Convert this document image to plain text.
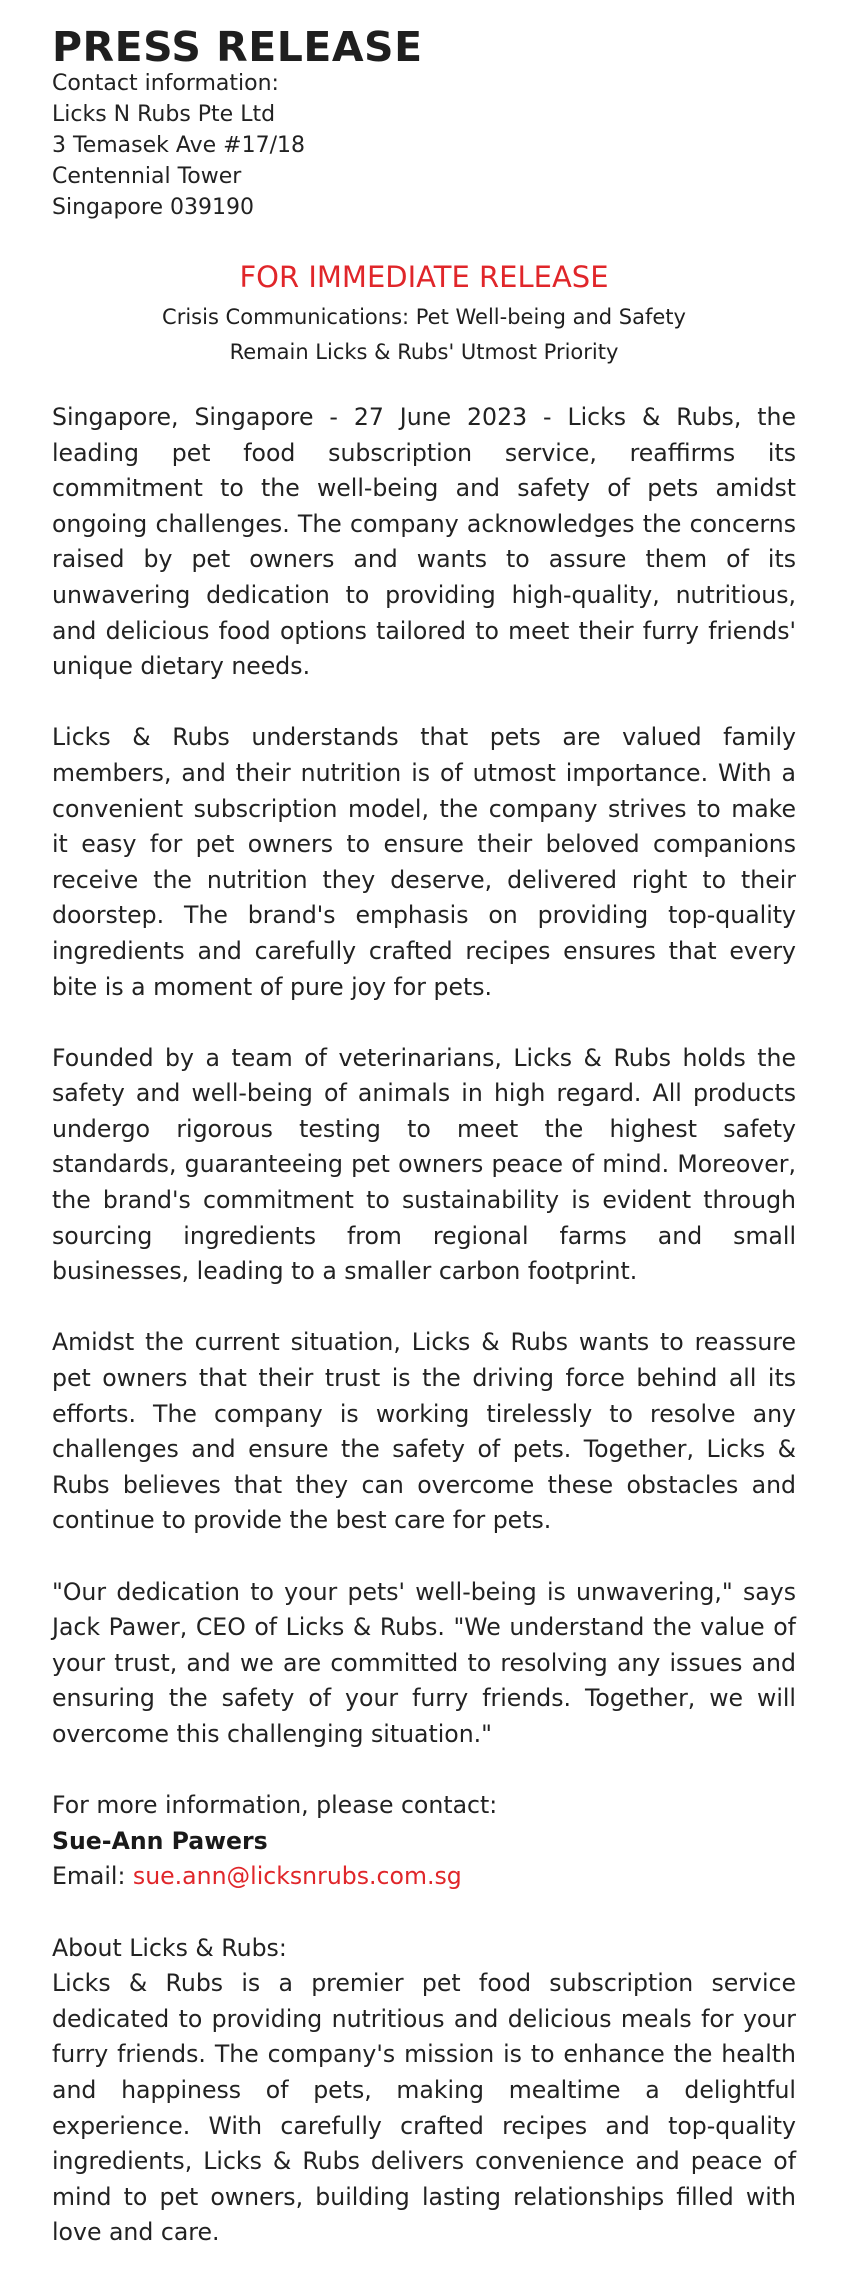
PRESS RELEASE
Contact information:
Licks N Rubs Pte Ltd
3 Temasek Ave #17/18
Centennial Tower
Singapore 039190
FOR IMMEDIATE RELEASE
Crisis Communications: Pet Well-being and Safety
Remain Licks & Rubs' Utmost Priority

Singapore, Singapore - 27 June 2023 - Licks & Rubs, the leading pet food subscription service, reaffirms its commitment to the well-being and safety of pets amidst ongoing challenges. The company acknowledges the concerns raised by pet owners and wants to assure them of its unwavering dedication to providing high-quality, nutritious, and delicious food options tailored to meet their furry friends' unique dietary needs.

Licks & Rubs understands that pets are valued family members, and their nutrition is of utmost importance. With a convenient subscription model, the company strives to make it easy for pet owners to ensure their beloved companions receive the nutrition they deserve, delivered right to their doorstep. The brand's emphasis on providing top-quality ingredients and carefully crafted recipes ensures that every bite is a moment of pure joy for pets.

Founded by a team of veterinarians, Licks & Rubs holds the safety and well-being of animals in high regard. All products undergo rigorous testing to meet the highest safety standards, guaranteeing pet owners peace of mind. Moreover, the brand's commitment to sustainability is evident through sourcing ingredients from regional farms and small businesses, leading to a smaller carbon footprint.

Amidst the current situation, Licks & Rubs wants to reassure pet owners that their trust is the driving force behind all its efforts. The company is working tirelessly to resolve any challenges and ensure the safety of pets. Together, Licks & Rubs believes that they can overcome these obstacles and continue to provide the best care for pets.

"Our dedication to your pets' well-being is unwavering," says Jack Pawer, CEO of Licks & Rubs. "We understand the value of your trust, and we are committed to resolving any issues and ensuring the safety of your furry friends. Together, we will overcome this challenging situation."

For more information, please contact:
Sue-Ann Pawers
Email: sue.ann@licksnrubs.com.sg
About Licks & Rubs:
Licks & Rubs is a premier pet food subscription service dedicated to providing nutritious and delicious meals for your furry friends. The company's mission is to enhance the health and happiness of pets, making mealtime a delightful experience. With carefully crafted recipes and top-quality ingredients, Licks & Rubs delivers convenience and peace of mind to pet owners, building lasting relationships filled with love and care.
